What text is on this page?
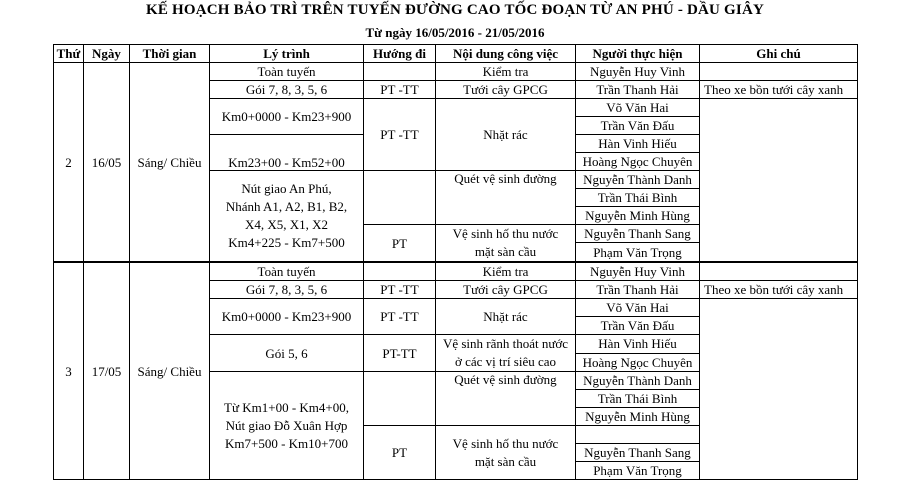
KẾ HOẠCH BẢO TRÌ TRÊN TUYẾN ĐƯỜNG CAO TỐC ĐOẠN TỪ AN PHÚ - DẦU GIÂY
Từ ngày 16/05/2016 - 21/05/2016
Thứ	Ngày	Thời gian	Lý trình	Hướng đi	Nội dung công việc	Người thực hiện	Ghi chú
2	16/05	Sáng/ Chiều	Toàn tuyến		Kiểm tra	Nguyễn Huy Vinh	
			Gói 7, 8, 3, 5, 6	PT -TT	Tưới cây GPCG	Trần Thanh Hải	Theo xe bồn tưới cây xanh
			Km0+0000 - Km23+900	PT -TT	Nhặt rác	Võ Văn Hai	
						Trần Văn Đấu	
			Km23+00 - Km52+00			Hàn Vinh Hiếu	
						Hoàng Ngọc Chuyên	

			Nút giao An Phú,
Nhánh A1, A2, B1, B2,
X4, X5, X1, X2
Km4+225 - Km7+500		Quét vệ sinh đường	Nguyễn Thành Danh	
						Trần Thái Bình	
						Nguyễn Minh Hùng	
				PT	Vệ sinh hố thu nước
mặt sàn cầu	Nguyễn Thanh Sang	
						Phạm Văn Trọng	
3	17/05	Sáng/ Chiều	Toàn tuyến		Kiểm tra	Nguyễn Huy Vinh	
			Gói 7, 8, 3, 5, 6	PT -TT	Tưới cây GPCG	Trần Thanh Hải	Theo xe bồn tưới cây xanh
			Km0+0000 - Km23+900	PT -TT	Nhặt rác	Võ Văn Hai	
						Trần Văn Đấu	
			Gói 5, 6	PT-TT	Vệ sinh rãnh thoát nước
ở các vị trí siêu cao	Hàn Vinh Hiếu	
						Hoàng Ngọc Chuyên	

			Từ Km1+00 - Km4+00,
Nút giao Đỗ Xuân Hợp
Km7+500 - Km10+700		Quét vệ sinh đường	Nguyễn Thành Danh	
						Trần Thái Bình	
						Nguyễn Minh Hùng	
				PT	Vệ sinh hố thu nước
mặt sàn cầu		

						Nguyễn Thanh Sang	
						Phạm Văn Trọng	
